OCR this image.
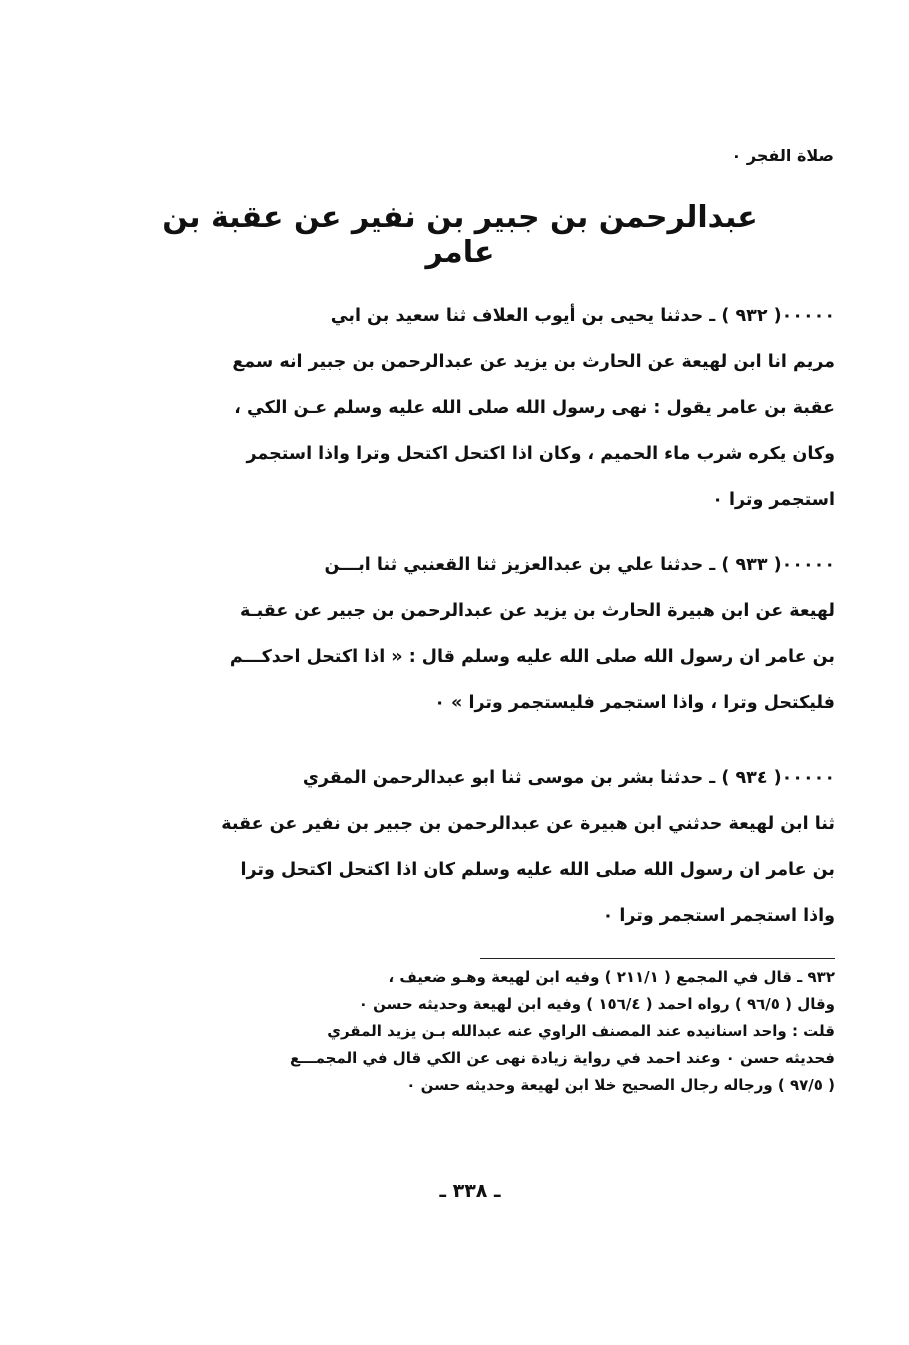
صلاة الفجر ٠
عبدالرحمن بن جبير بن نفير عن عقبة بن عامر
٠٠٠٠٠( ٩٣٢ ) ـ حدثنا يحيى بن أيوب العلاف ثنا سعيد بن ابي
مريم انا ابن لهيعة عن الحارث بن يزيد عن عبدالرحمن بن جبير انه سمع
عقبة بن عامر يقول : نهى رسول الله صلى الله عليه وسلم عـن الكي ،
وكان يكره شرب ماء الحميم ، وكان اذا اكتحل اكتحل وترا واذا استجمر
استجمر وترا ٠
٠٠٠٠٠( ٩٣٣ ) ـ حدثنا علي بن عبدالعزيز ثنا القعنبي ثنا ابـــن
لهيعة عن ابن هبيرة الحارث بن يزيد عن عبدالرحمن بن جبير عن عقبـة
بن عامر ان رسول الله صلى الله عليه وسلم قال : « اذا اكتحل احدكـــم
فليكتحل وترا ، واذا استجمر فليستجمر وترا » ٠
٠٠٠٠٠( ٩٣٤ ) ـ حدثنا بشر بن موسى ثنا ابو عبدالرحمن المقري
ثنا ابن لهيعة حدثني ابن هبيرة عن عبدالرحمن بن جبير بن نفير عن عقبة
بن عامر ان رسول الله صلى الله عليه وسلم كان اذا اكتحل اكتحل وترا
واذا استجمر استجمر وترا ٠
٩٣٢ ـ قال في المجمع ( ٢١١/١ ) وفيه ابن لهيعة وهـو ضعيف ،
وقال ( ٩٦/٥ ) رواه احمد ( ١٥٦/٤ ) وفيه ابن لهيعة وحديثه حسن ٠
قلت : واحد اسنانيده عند المصنف الراوي عنه عبدالله بـن يزيد المقري
فحديثه حسن ٠ وعند احمد في رواية زيادة نهى عن الكي قال في المجمـــع
( ٩٧/٥ ) ورجاله رجال الصحيح خلا ابن لهيعة وحديثه حسن ٠
ـ ٣٣٨ ـ
